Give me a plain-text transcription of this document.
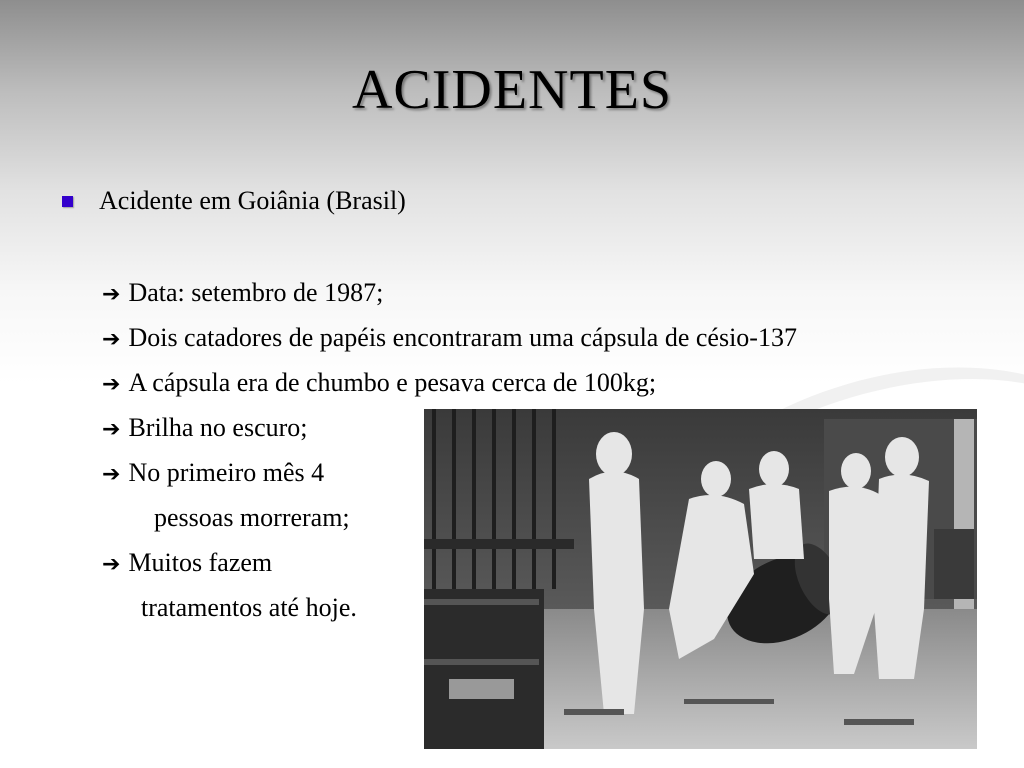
ACIDENTES
Acidente em Goiânia (Brasil)
➔ Data: setembro de 1987;
➔ Dois catadores de papéis encontraram uma cápsula de césio-137
➔ A cápsula era de chumbo e pesava cerca de 100kg;
➔ Brilha no escuro;
➔ No primeiro mês 4
pessoas morreram;
➔ Muitos fazem
tratamentos até hoje.
